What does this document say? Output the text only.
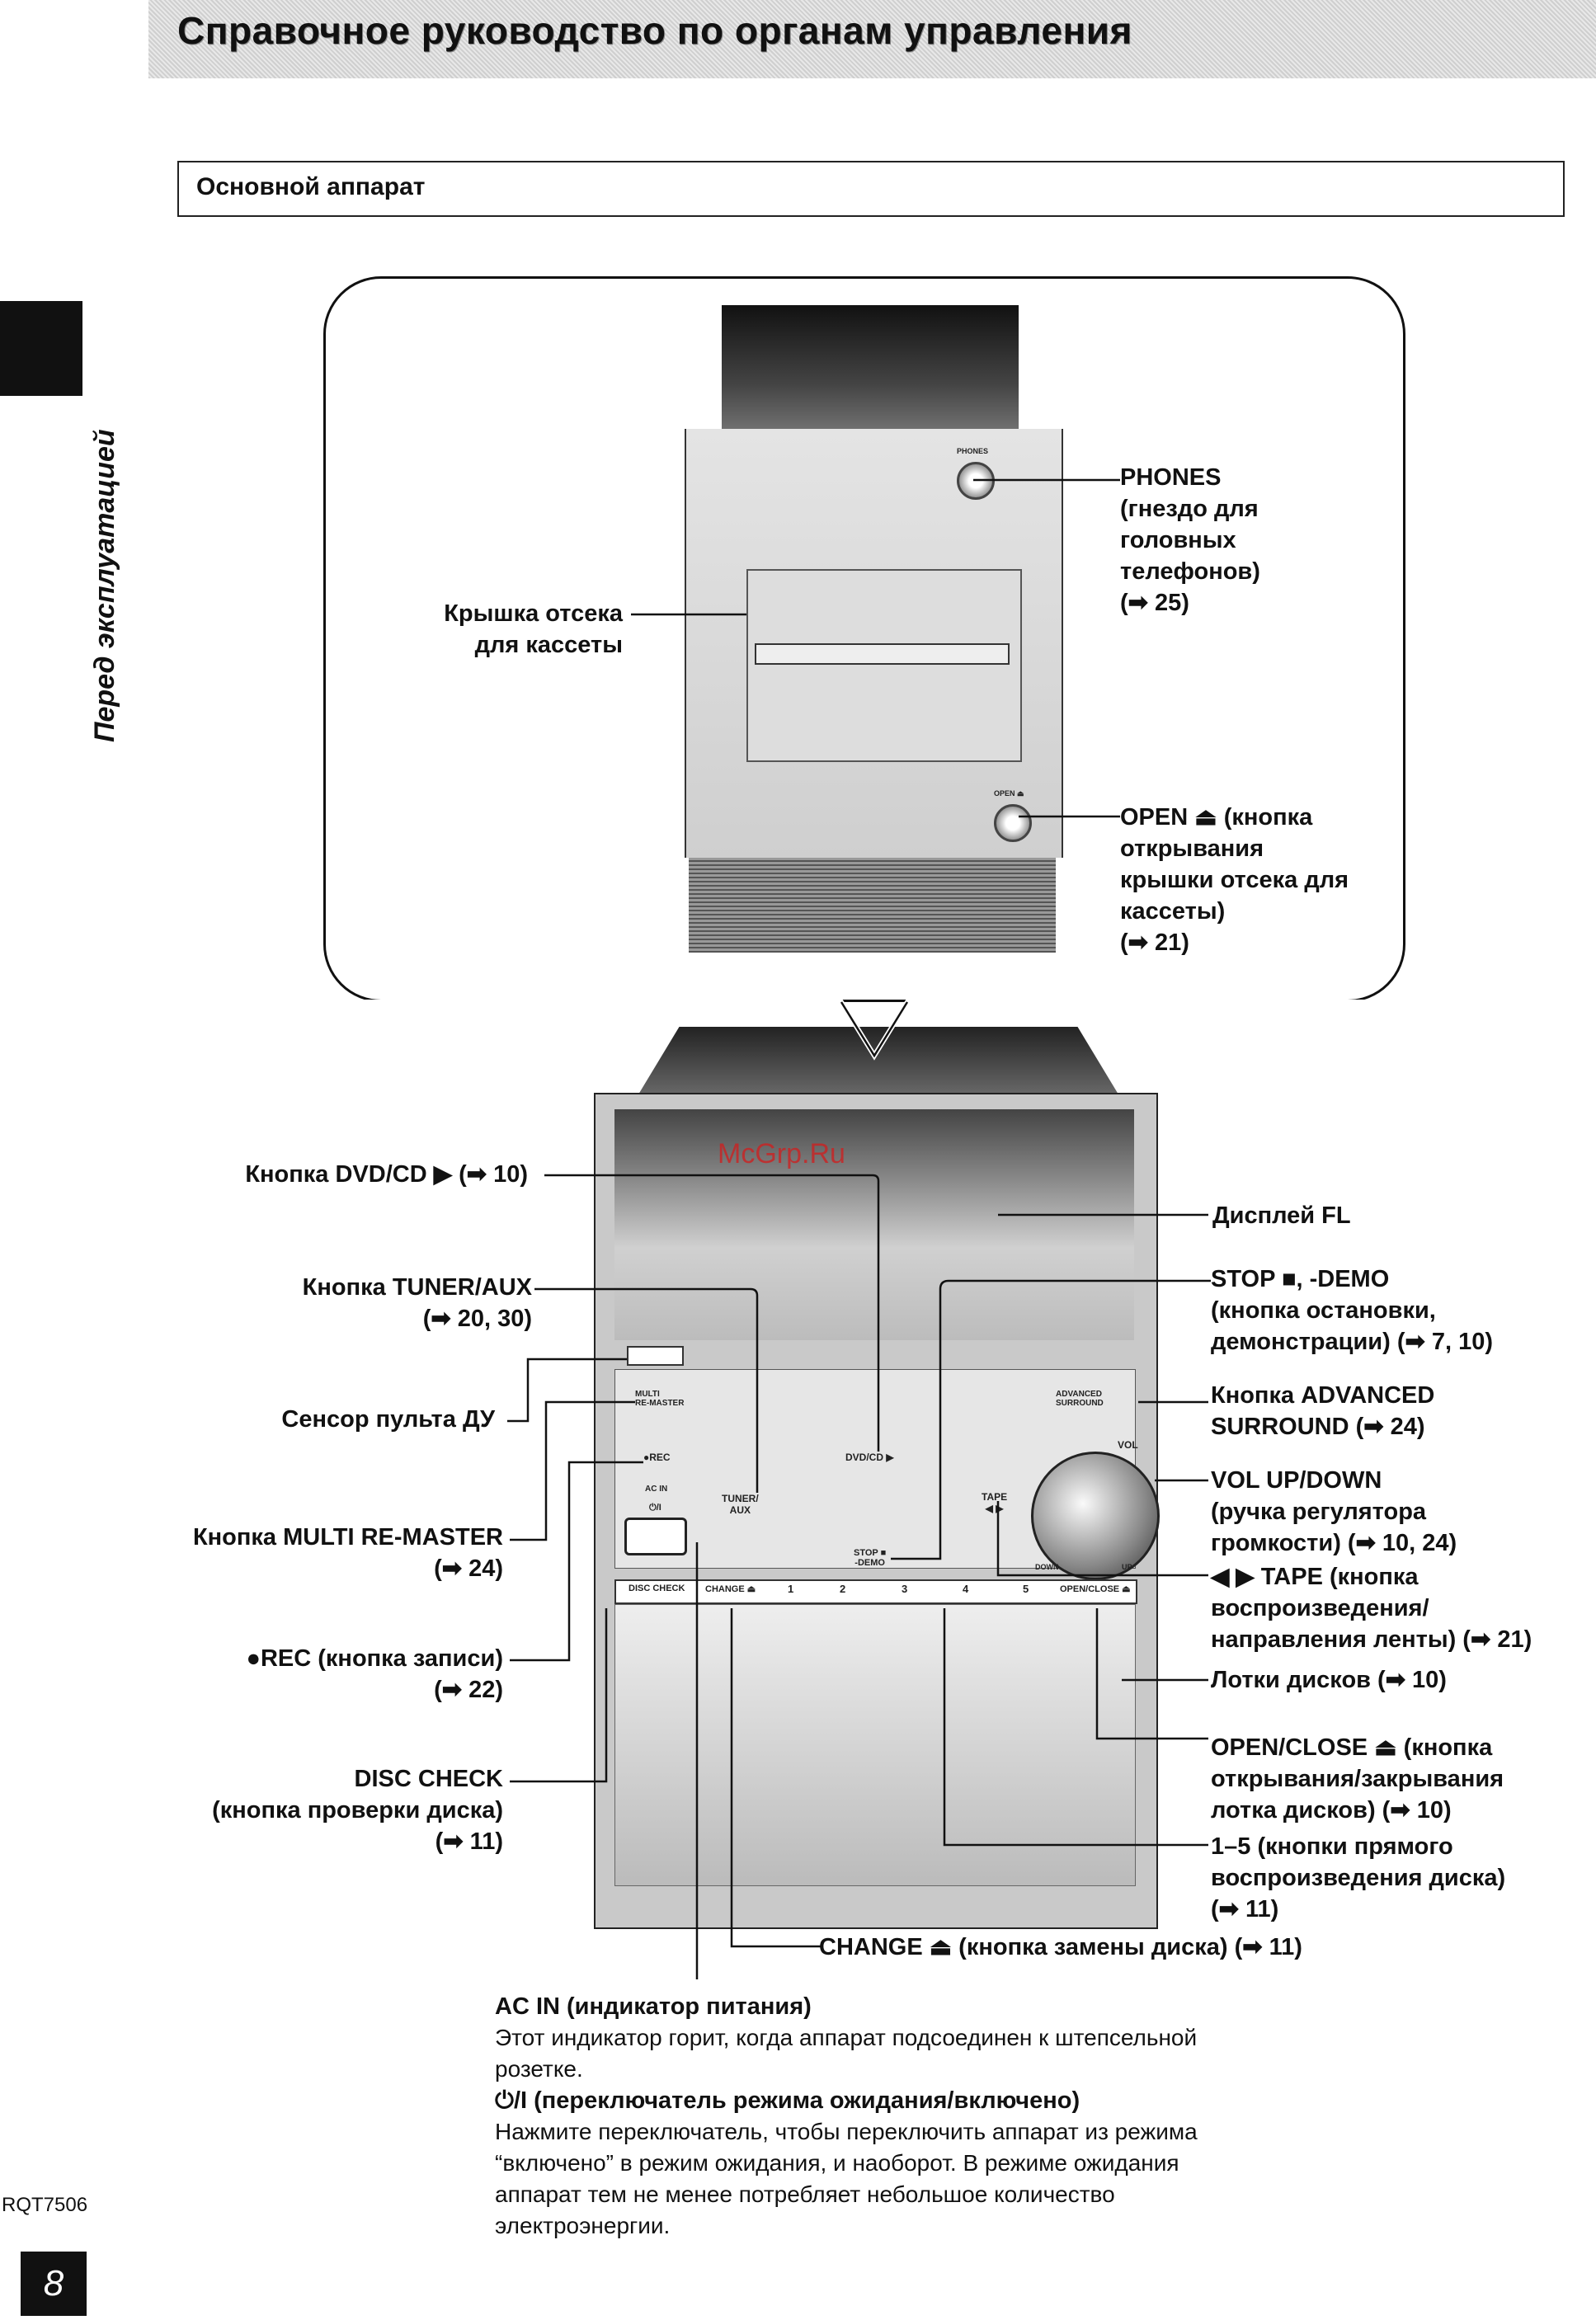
Справочное руководство по органам управления
Основной аппарат
Перед эксплуатацией	PHONES
OPEN ⏏
PHONES
(гнездо для
головных
телефонов)
(➡ 25)
Крышка отсека
для кассеты
OPEN ⏏ (кнопка
открывания
крышки отсека для
кассеты)
(➡ 21)
McGrp.Ru
MULTI
RE-MASTER
ADVANCED
SURROUND
●REC
AC IN
⏻/I
TUNER/
AUX
DVD/CD ▶
TAPE
◀ ▶
STOP ■
-DEMO
VOL
DOWN	UP
DISC CHECK CHANGE ⏏	1	2	3	4	5	OPEN/CLOSE ⏏
Кнопка DVD/CD ▶ (➡ 10)
Кнопка TUNER/AUX
(➡ 20, 30)
Сенсор пульта ДУ
Кнопка MULTI RE-MASTER
(➡ 24)
●REC (кнопка записи)
(➡ 22)
DISC CHECK
(кнопка проверки диска)
(➡ 11)
Дисплей FL
STOP ■, -DEMO
(кнопка остановки,
демонстрации) (➡ 7, 10)
Кнопка ADVANCED
SURROUND (➡ 24)
VOL UP/DOWN
(ручка регулятора
громкости) (➡ 10, 24)
◀ ▶ TAPE (кнопка
воспроизведения/
направления ленты) (➡ 21)
Лотки дисков (➡ 10)
OPEN/CLOSE ⏏ (кнопка
открывания/закрывания
лотка дисков) (➡ 10)
1–5 (кнопки прямого
воспроизведения диска)
(➡ 11)
CHANGE ⏏ (кнопка замены диска) (➡ 11)
AC IN (индикатор питания)
Этот индикатор горит, когда аппарат подсоединен к штепсельной
розетке.
⏻/I (переключатель режима ожидания/включено)
Нажмите переключатель, чтобы переключить аппарат из режима
“включено” в режим ожидания, и наоборот. В режиме ожидания
аппарат тем не менее потребляет небольшое количество
электроэнергии.
RQT7506
8
